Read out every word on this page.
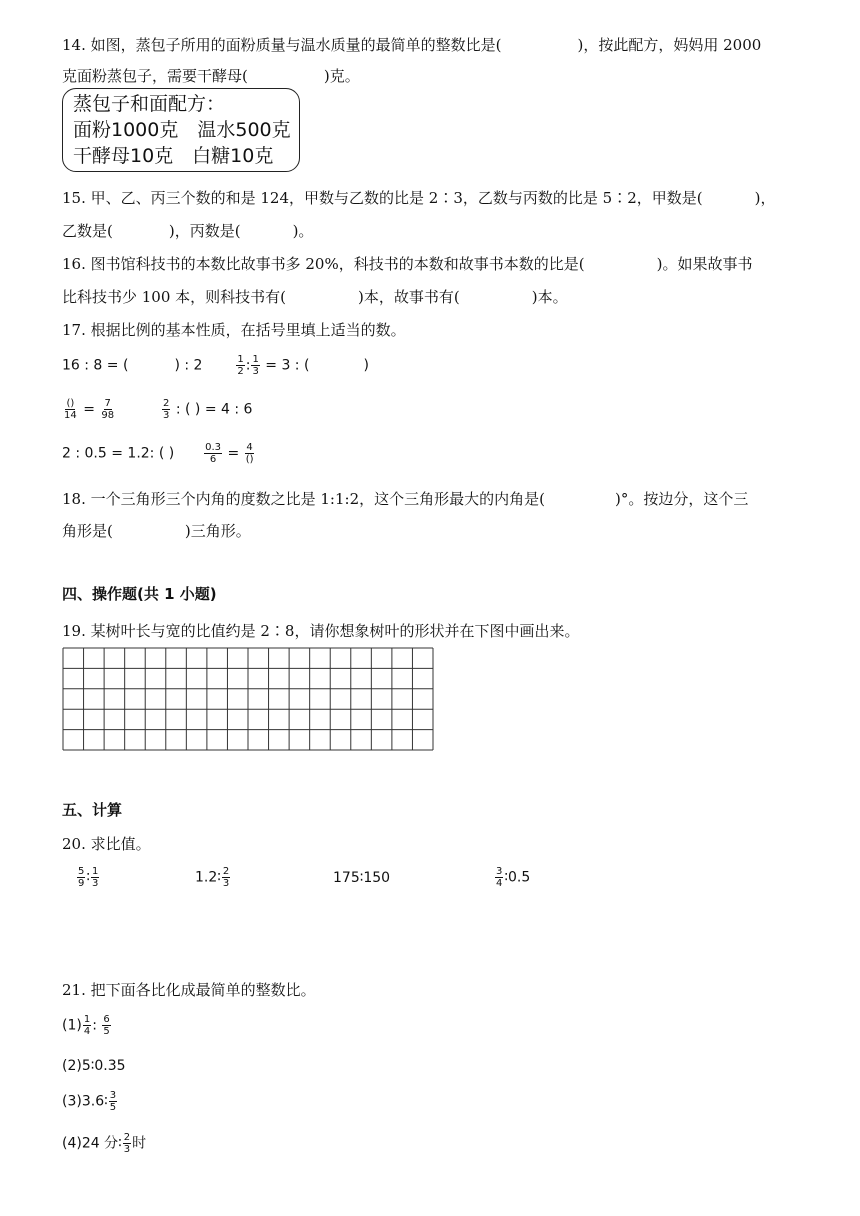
14. 如图，蒸包子所用的面粉质量与温水质量的最简单的整数比是(	)，按此配方，妈妈用 2000
克面粉蒸包子，需要干酵母(	)克。
蒸包子和面配方：
面粉1000克　温水500克
干酵母10克　白糖10克
15. 甲、乙、丙三个数的和是 124，甲数与乙数的比是 2∶3，乙数与丙数的比是 5∶2，甲数是(	)，
乙数是(	)，丙数是(	)。
16. 图书馆科技书的本数比故事书多 20%，科技书的本数和故事书本数的比是(	)。如果故事书
比科技书少 100 本，则科技书有(	)本，故事书有(	)本。
17. 根据比例的基本性质，在括号里填上适当的数。
16 : 8 = (	) : 2	$\frac{1}{2}$ : $\frac{1}{3} = 3$ : (	)
$\frac{()}{14} = \frac{7}{98}$
	$\frac{2}{3}$ : ( ) = 4 : 6
2 : 0.5 = 1.2: ( )	$\frac{0.3}{6} = \frac{4}{()}$
18. 一个三角形三个内角的度数之比是 1:1:2，这个三角形最大的内角是(	)°。按边分，这个三
角形是(	)三角形。
四、操作题(共 1 小题)
19. 某树叶长与宽的比值约是 2∶8，请你想象树叶的形状并在下图中画出来。
五、计算
20. 求比值。
$\frac{5}{9}$ ∶ $\frac{1}{3}$	1.2∶ $\frac{2}{3}$	175∶150	$\frac{3}{4}$ ∶0.5
21. 把下面各比化成最简单的整数比。
$(1) \frac{1}{4}$ : $\frac{6}{5}$
(2)5∶0.35
(3)3.6∶ $\frac{3}{5}$
(4)24 分∶ $\frac{2}{3}$ 时
